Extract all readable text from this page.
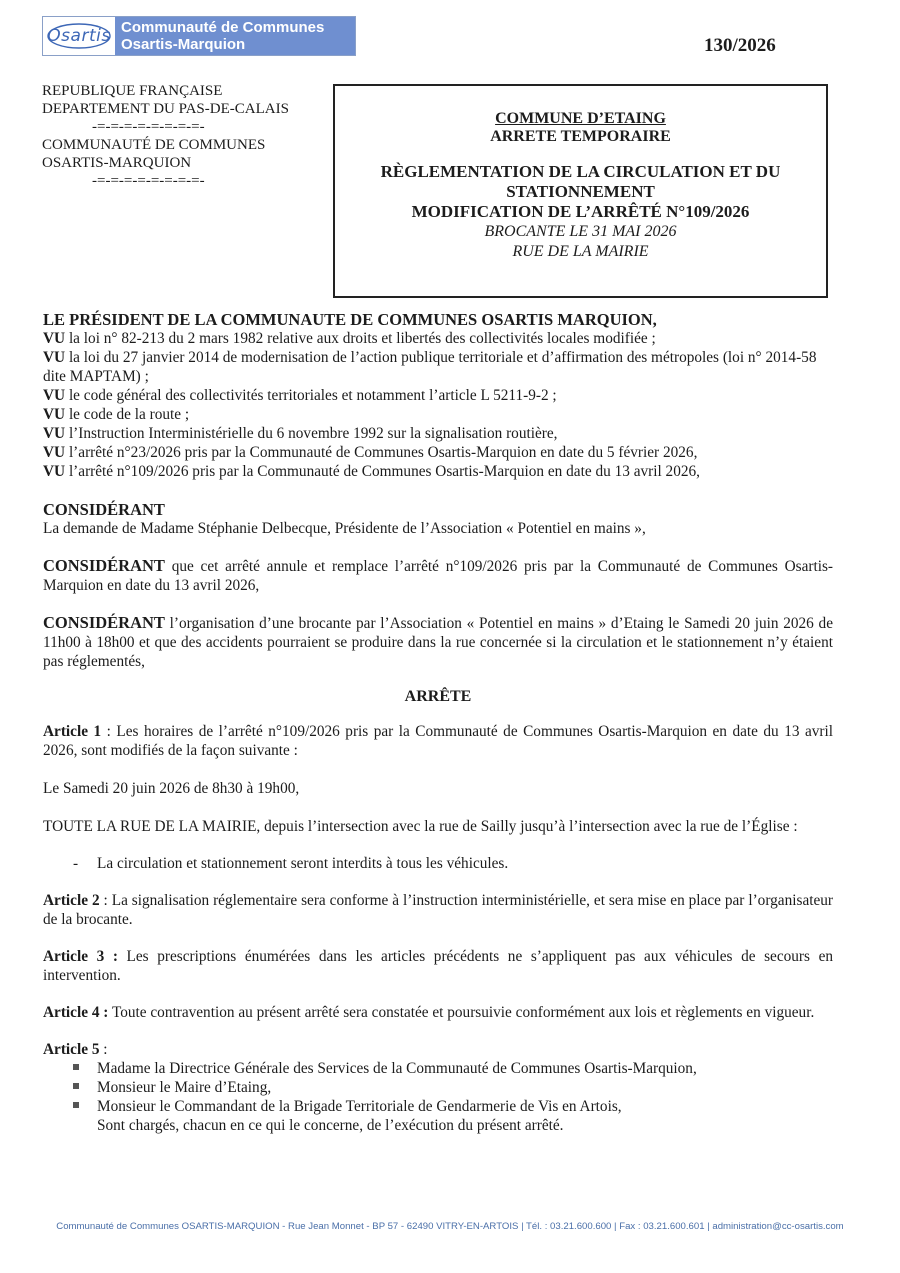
Osartis Communauté de Communes
Osartis-Marquion	130/2026
REPUBLIQUE FRANÇAISE
DEPARTEMENT DU PAS-DE-CALAIS
-=-=-=-=-=-=-=-=-
COMMUNAUTÉ DE COMMUNES
OSARTIS-MARQUION
-=-=-=-=-=-=-=-=-
COMMUNE D’ETAING
ARRETE TEMPORAIRE
RÈGLEMENTATION DE LA CIRCULATION ET DU
STATIONNEMENT
MODIFICATION DE L’ARRÊTÉ N°109/2026
BROCANTE LE 31 MAI 2026
RUE DE LA MAIRIE

LE PRÉSIDENT DE LA COMMUNAUTE DE COMMUNES OSARTIS MARQUION,

VU la loi n° 82-213 du 2 mars 1982 relative aux droits et libertés des collectivités locales modifiée ;

VU la loi du 27 janvier 2014 de modernisation de l’action publique territoriale et d’affirmation des métropoles (loi n° 2014-58 dite MAPTAM) ;

VU le code général des collectivités territoriales et notamment l’article L 5211-9-2 ;

VU le code de la route ;

VU l’Instruction Interministérielle du 6 novembre 1992 sur la signalisation routière,

VU l’arrêté n°23/2026 pris par la Communauté de Communes Osartis-Marquion en date du 5 février 2026,

VU l’arrêté n°109/2026 pris par la Communauté de Communes Osartis-Marquion en date du 13 avril 2026,

CONSIDÉRANT

La demande de Madame Stéphanie Delbecque, Présidente de l’Association « Potentiel en mains »,

CONSIDÉRANT que cet arrêté annule et remplace l’arrêté n°109/2026 pris par la Communauté de Communes Osartis-Marquion en date du 13 avril 2026,

CONSIDÉRANT l’organisation d’une brocante par l’Association « Potentiel en mains » d’Etaing le Samedi 20 juin 2026 de 11h00 à 18h00 et que des accidents pourraient se produire dans la rue concernée si la circulation et le stationnement n’y étaient pas réglementés,

ARRÊTE

Article 1 : Les horaires de l’arrêté n°109/2026 pris par la Communauté de Communes Osartis-Marquion en date du 13 avril 2026, sont modifiés de la façon suivante :

Le Samedi 20 juin 2026 de 8h30 à 19h00,

TOUTE LA RUE DE LA MAIRIE, depuis l’intersection avec la rue de Sailly jusqu’à l’intersection avec la rue de l’Église :

- La circulation et stationnement seront interdits à tous les véhicules.

Article 2 : La signalisation réglementaire sera conforme à l’instruction interministérielle, et sera mise en place par l’organisateur de la brocante.

Article 3 : Les prescriptions énumérées dans les articles précédents ne s’appliquent pas aux véhicules de secours en intervention.

Article 4 : Toute contravention au présent arrêté sera constatée et poursuivie conformément aux lois et règlements en vigueur.

Article 5 :

Madame la Directrice Générale des Services de la Communauté de Communes Osartis-Marquion,
Monsieur le Maire d’Etaing,
Monsieur le Commandant de la Brigade Territoriale de Gendarmerie de Vis en Artois,

Sont chargés, chacun en ce qui le concerne, de l’exécution du présent arrêté.

Communauté de Communes OSARTIS-MARQUION - Rue Jean Monnet - BP 57 - 62490 VITRY-EN-ARTOIS | Tél. : 03.21.600.600 | Fax : 03.21.600.601 | administration@cc-osartis.com
